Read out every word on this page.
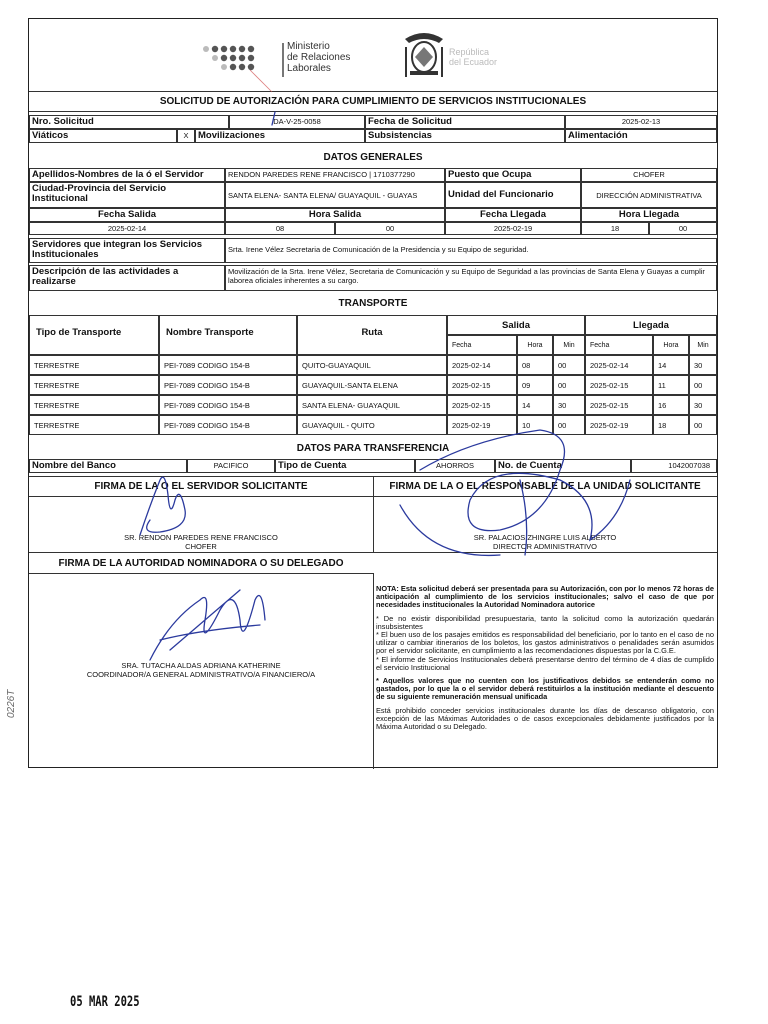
Ministerio
de Relaciones
Laborales
República
del Ecuador
SOLICITUD DE AUTORIZACIÓN PARA CUMPLIMIENTO DE SERVICIOS INSTITUCIONALES
Nro. Solicitud	DA-V-25-0058	Fecha de Solicitud	2025-02-13
Viáticos	X	Movilizaciones	Subsistencias	Alimentación
DATOS GENERALES
Apellidos-Nombres de la ó el Servidor	RENDON PAREDES RENE FRANCISCO | 1710377290	Puesto que Ocupa	CHOFER
Ciudad-Provincia del Servicio Institucional	SANTA ELENA- SANTA ELENA/ GUAYAQUIL - GUAYAS	Unidad del Funcionario	DIRECCIÓN ADMINISTRATIVA
Fecha Salida	Hora Salida	Fecha Llegada	Hora Llegada
2025-02-14	08	00	2025-02-19	18	00
Servidores que integran los Servicios Institucionales	Srta. Irene Vélez Secretaria de Comunicación de la Presidencia y su Equipo de seguridad.
Descripción de las actividades a realizarse
Movilización de la Srta. Irene Vélez, Secretaria de Comunicación y su Equipo de Seguridad a las provincias de Santa Elena y Guayas a cumplir laborea oficiales inherentes a su cargo.
TRANSPORTE
Tipo de Transporte	Nombre Transporte	Ruta
Salida	Llegada
Fecha	Hora	Min	Fecha	Hora	Min
TERRESTRE	PEI-7089 CODIGO 154-B	QUITO-GUAYAQUIL	2025-02-14	08	00	2025-02-14	14	30
TERRESTRE	PEI-7089 CODIGO 154-B	GUAYAQUIL-SANTA ELENA	2025-02-15	09	00	2025-02-15	11	00
TERRESTRE	PEI-7089 CODIGO 154-B	SANTA ELENA- GUAYAQUIL	2025-02-15	14	30	2025-02-15	16	30
TERRESTRE	PEI-7089 CODIGO 154-B	GUAYAQUIL - QUITO	2025-02-19	10	00	2025-02-19	18	00
DATOS PARA TRANSFERENCIA
Nombre del Banco	PACIFICO	Tipo de Cuenta	AHORROS	No. de Cuenta	1042007038
FIRMA DE LA O EL SERVIDOR SOLICITANTE	FIRMA DE LA O EL RESPONSABLE DE LA UNIDAD SOLICITANTE
SR. RENDON PAREDES RENE FRANCISCO
CHOFER
SR. PALACIOS ZHINGRE LUIS ALBERTO
DIRECTOR ADMINISTRATIVO
FIRMA DE LA AUTORIDAD NOMINADORA O SU DELEGADO
SRA. TUTACHA ALDAS ADRIANA KATHERINE
COORDINADOR/A GENERAL ADMINISTRATIVO/A FINANCIERO/A
NOTA: Esta solicitud deberá ser presentada para su Autorización, con por lo menos 72 horas de anticipación al cumplimiento de los servicios institucionales; salvo el caso de que por necesidades institucionales la Autoridad Nominadora autorice
* De no existir disponibilidad presupuestaria, tanto la solicitud como la autorización quedarán insubsistentes
* El buen uso de los pasajes emitidos es responsabilidad del beneficiario, por lo tanto en el caso de no utilizar o cambiar itinerarios de los boletos, los gastos administrativos o penalidades serán asumidos por el servidor solicitante, en cumplimiento a las recomendaciones dispuestas por la C.G.E.
* El informe de Servicios Institucionales deberá presentarse dentro del término de 4 días de cumplido el servicio Institucional
* Aquellos valores que no cuenten con los justificativos debidos se entenderán como no gastados, por lo que la o el servidor deberá restituirlos a la institución mediante el descuento de su siguiente remuneración mensual unificada
Está prohibido conceder servicios institucionales durante los días de descanso obligatorio, con excepción de las Máximas Autoridades o de casos excepcionales debidamente justificados por la Máxima Autoridad o su Delegado.
0226T
05 MAR 2025
